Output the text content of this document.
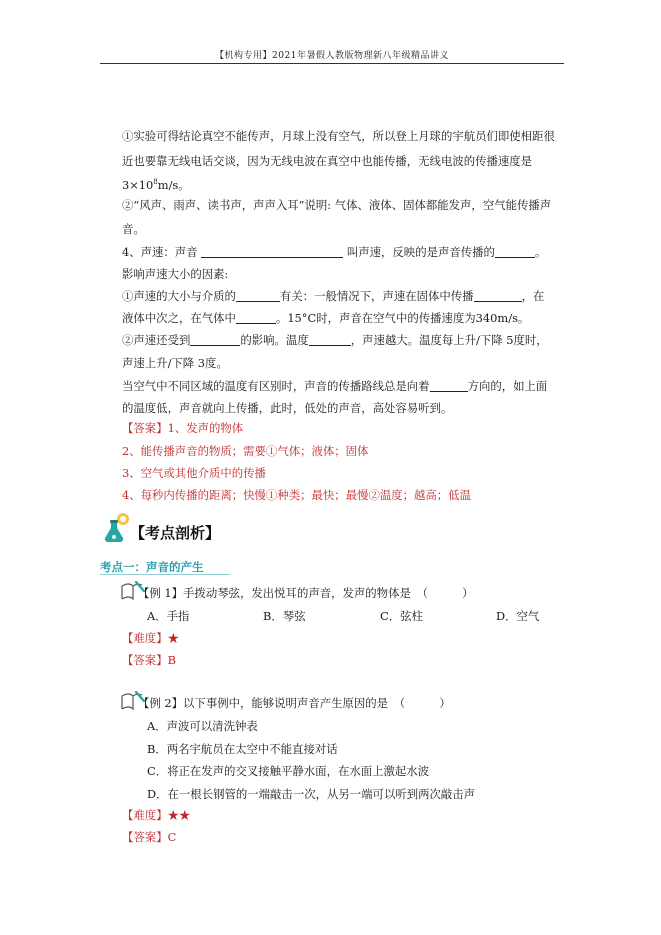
【机构专用】2021年暑假人教版物理新八年级精品讲义
①实验可得结论真空不能传声，月球上没有空气，所以登上月球的宇航员们即使相距很
近也要靠无线电话交谈，因为无线电波在真空中也能传播，无线电波的传播速度是
$3\times 10^8m/s$。
②“风声、雨声、读书声，声声入耳”说明: 气体、液体、固体都能发声，空气能传播声
音。
4、声速：声音	叫声速，反映的是声音传播的	。
影响声速大小的因素:
①声速的大小与介质的	有关：一般情况下，声速在固体中传播	，在
液体中次之，在气体中	。15°C时，声音在空气中的传播速度为340m/s。
②声速还受到	的影响。温度	，声速越大。温度每上升/下降 5度时，
声速上升/下降 3度。
当空气中不同区域的温度有区别时，声音的传播路线总是向着	方向的，如上面
的温度低，声音就向上传播，此时，低处的声音，高处容易听到。
【答案】1、发声的物体
2、能传播声音的物质；需要①气体；液体；固体
3、空气或其他介质中的传播
4、每秒内传播的距离；快慢①种类；最快；最慢②温度；越高；低温
【考点剖析】
考点一：声音的产生
【例 1】手拨动琴弦，发出悦耳的声音，发声的物体是　（　　　）
A．手指	B．琴弦	C．弦柱	D．空气
【难度】★
【答案】B
【例 2】以下事例中，能够说明声音产生原因的是　（　　　）
A．声波可以清洗钟表
B．两名宇航员在太空中不能直接对话
C．将正在发声的交叉接触平静水面，在水面上激起水波
D．在一根长钢管的一端敲击一次，从另一端可以听到两次敲击声
【难度】★★
【答案】C
